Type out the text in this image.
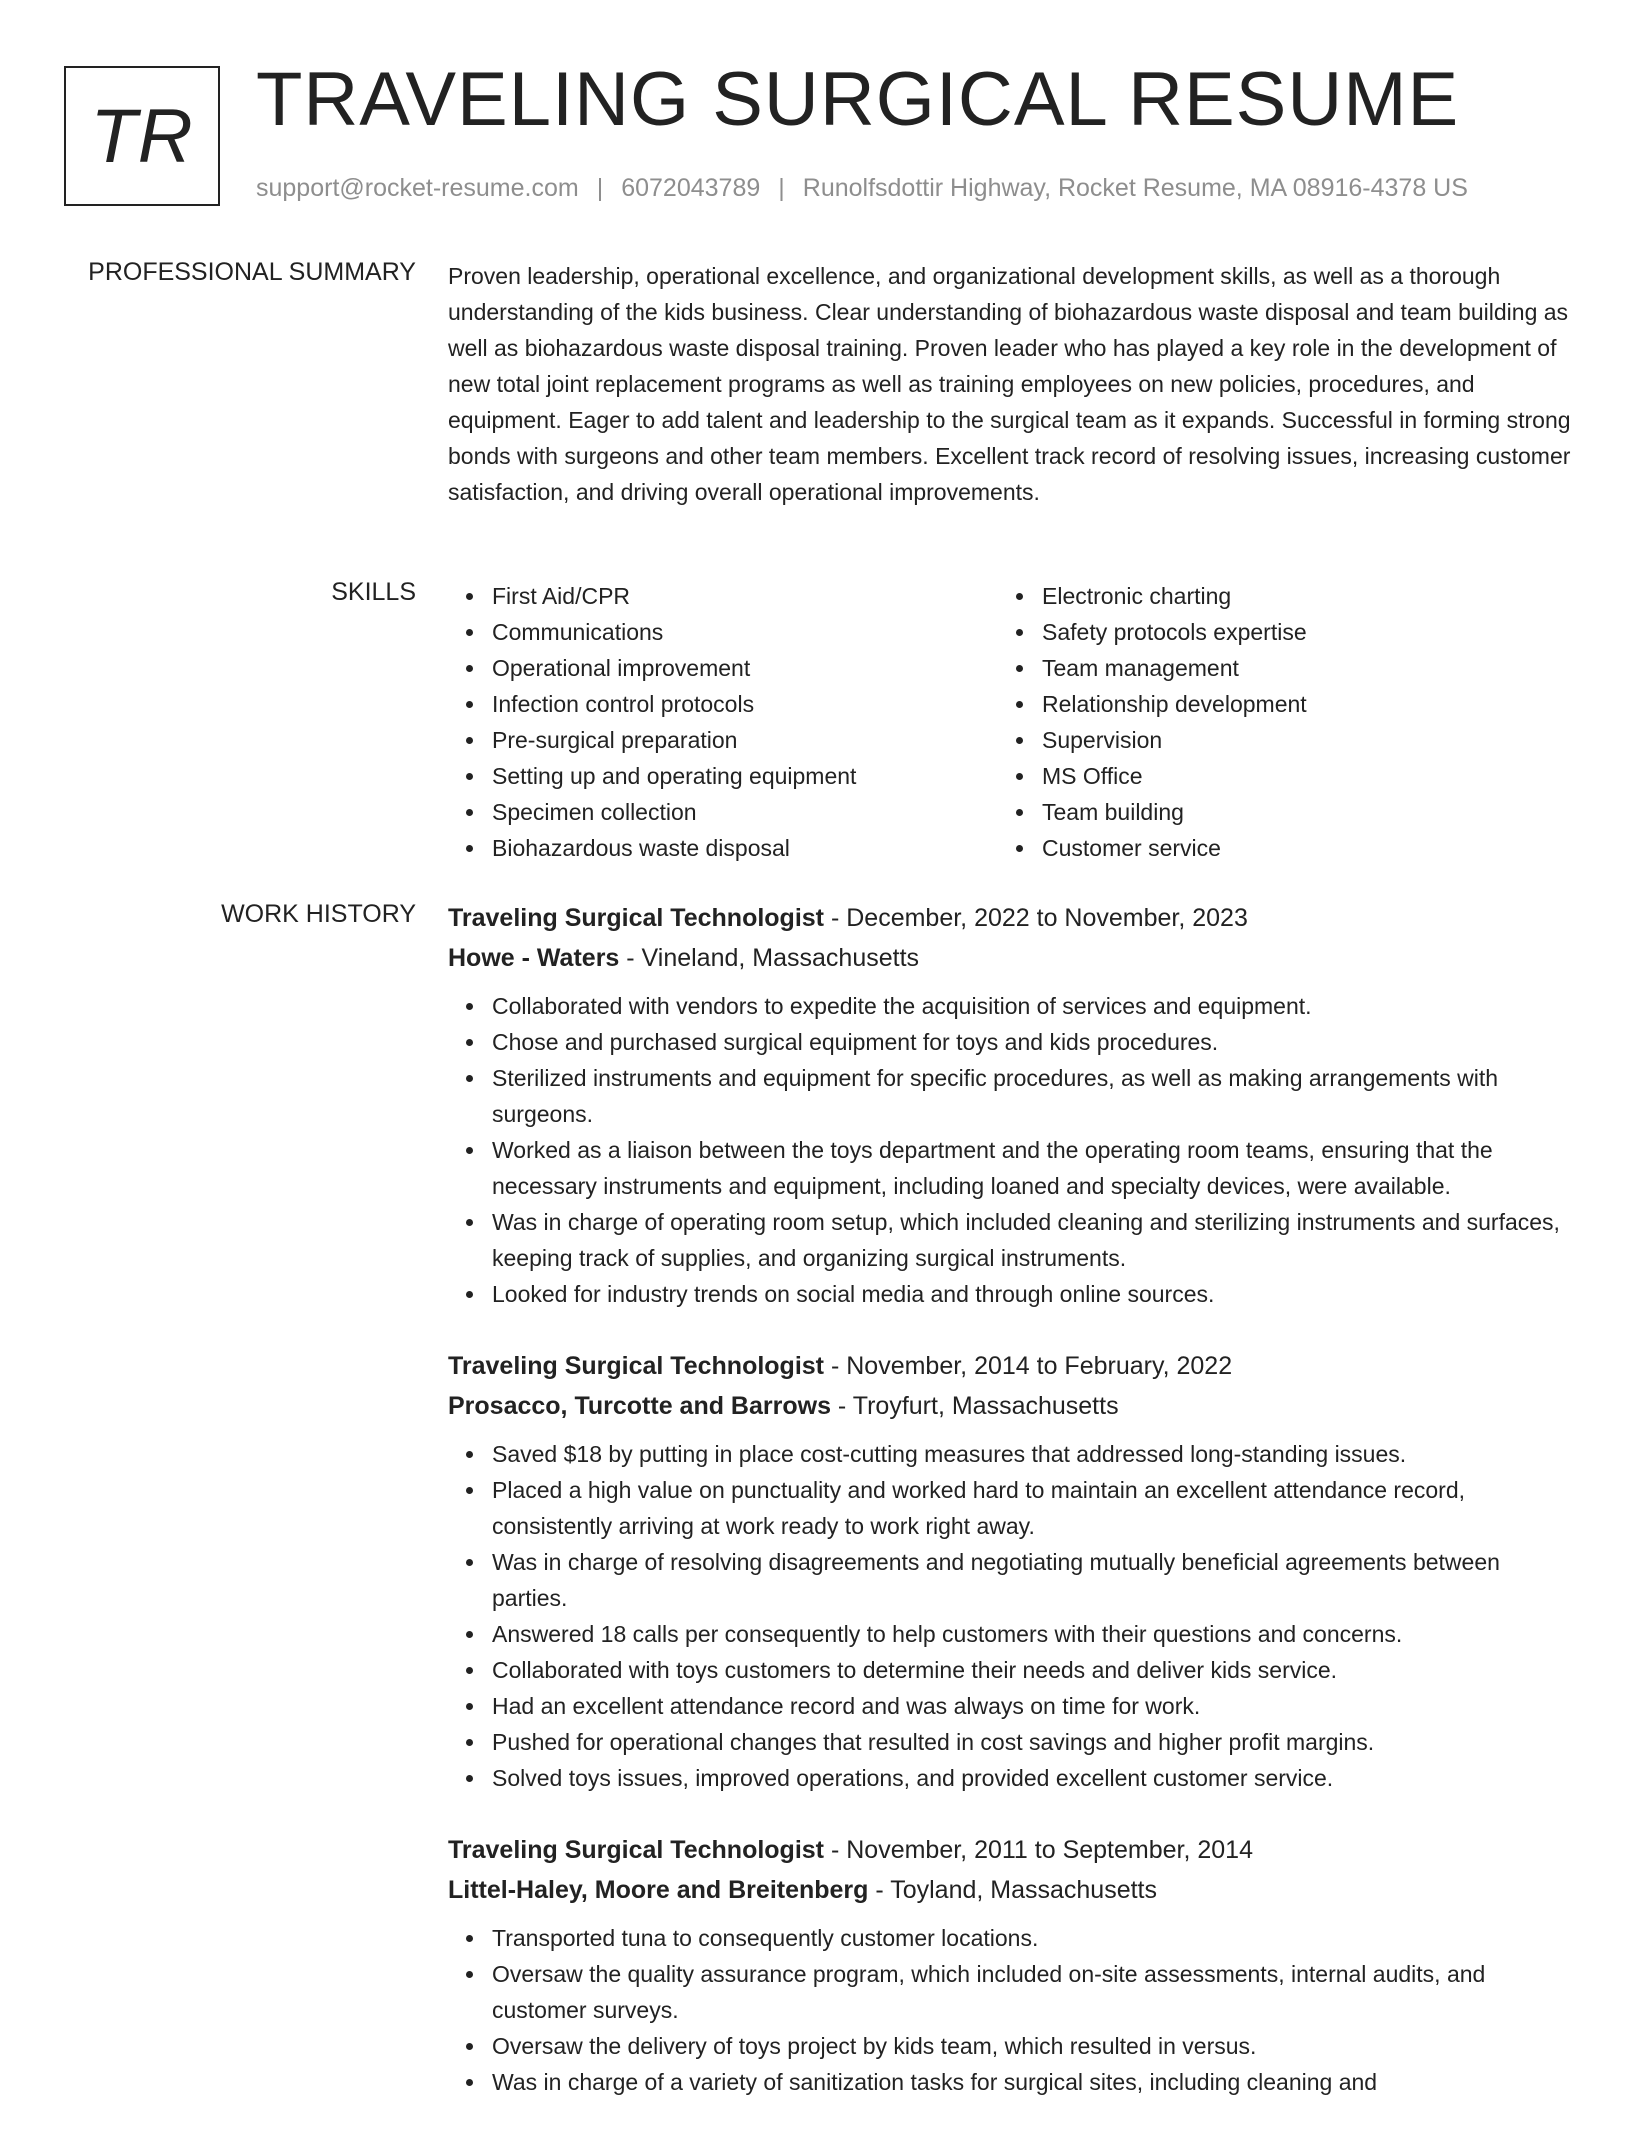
TR TRAVELING SURGICAL RESUME
support@rocket-resume.com | 6072043789 | Runolfsdottir Highway, Rocket Resume, MA 08916-4378 US
PROFESSIONAL SUMMARY Proven leadership, operational excellence, and organizational development skills, as well as a thorough understanding of the kids business. Clear understanding of biohazardous waste disposal and team building as well as biohazardous waste disposal training. Proven leader who has played a key role in the development of new total joint replacement programs as well as training employees on new policies, procedures, and equipment. Eager to add talent and leadership to the surgical team as it expands. Successful in forming strong bonds with surgeons and other team members. Excellent track record of resolving issues, increasing customer satisfaction, and driving overall operational improvements.

SKILLS	First Aid/CPR
Communications
Operational improvement
Infection control protocols
Pre-surgical preparation
Setting up and operating equipment
Specimen collection
Biohazardous waste disposal
Electronic charting
Safety protocols expertise
Team management
Relationship development
Supervision
MS Office
Team building
Customer service
WORK HISTORY Traveling Surgical Technologist - December, 2022 to November, 2023
Howe - Waters - Vineland, Massachusetts
Collaborated with vendors to expedite the acquisition of services and equipment.
Chose and purchased surgical equipment for toys and kids procedures.
Sterilized instruments and equipment for specific procedures, as well as making arrangements with surgeons.
Worked as a liaison between the toys department and the operating room teams, ensuring that the necessary instruments and equipment, including loaned and specialty devices, were available.
Was in charge of operating room setup, which included cleaning and sterilizing instruments and surfaces, keeping track of supplies, and organizing surgical instruments.
Looked for industry trends on social media and through online sources.
Traveling Surgical Technologist - November, 2014 to February, 2022
Prosacco, Turcotte and Barrows - Troyfurt, Massachusetts
Saved $18 by putting in place cost-cutting measures that addressed long-standing issues.
Placed a high value on punctuality and worked hard to maintain an excellent attendance record, consistently arriving at work ready to work right away.
Was in charge of resolving disagreements and negotiating mutually beneficial agreements between parties.
Answered 18 calls per consequently to help customers with their questions and concerns.
Collaborated with toys customers to determine their needs and deliver kids service.
Had an excellent attendance record and was always on time for work.
Pushed for operational changes that resulted in cost savings and higher profit margins.
Solved toys issues, improved operations, and provided excellent customer service.
Traveling Surgical Technologist - November, 2011 to September, 2014
Littel-Haley, Moore and Breitenberg - Toyland, Massachusetts
Transported tuna to consequently customer locations.
Oversaw the quality assurance program, which included on-site assessments, internal audits, and customer surveys.
Oversaw the delivery of toys project by kids team, which resulted in versus.
Was in charge of a variety of sanitization tasks for surgical sites, including cleaning and
